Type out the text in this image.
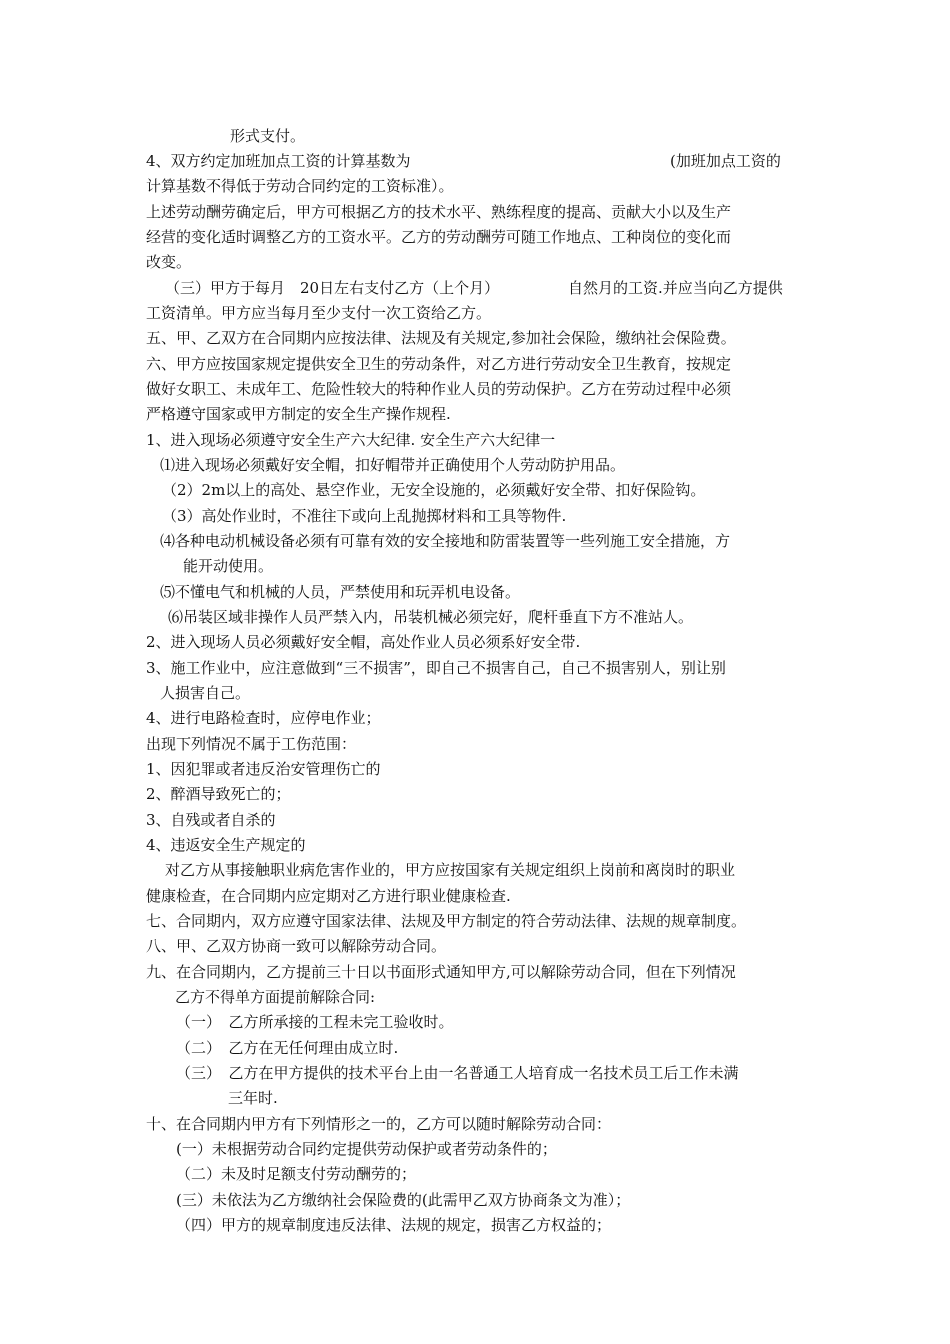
形式支付。
4、双方约定加班加点工资的计算基数为	(加班加点工资的
计算基数不得低于劳动合同约定的工资标准）。
上述劳动酬劳确定后，甲方可根据乙方的技术水平、熟练程度的提高、贡献大小以及生产
经营的变化适时调整乙方的工资水平。乙方的劳动酬劳可随工作地点、工种岗位的变化而
改变。
（三）甲方于每月　20日左右支付乙方（上个月）	自然月的工资.并应当向乙方提供
工资清单。甲方应当每月至少支付一次工资给乙方。
五、甲、乙双方在合同期内应按法律、法规及有关规定,参加社会保险，缴纳社会保险费。
六、甲方应按国家规定提供安全卫生的劳动条件，对乙方进行劳动安全卫生教育，按规定
做好女职工、未成年工、危险性较大的特种作业人员的劳动保护。乙方在劳动过程中必须
严格遵守国家或甲方制定的安全生产操作规程.
1、进入现场必须遵守安全生产六大纪律. 安全生产六大纪律一
⑴进入现场必须戴好安全帽，扣好帽带并正确使用个人劳动防护用品。
（2）2m以上的高处、悬空作业，无安全设施的，必须戴好安全带、扣好保险钩。
（3）高处作业时，不准往下或向上乱抛掷材料和工具等物件.
⑷各种电动机械设备必须有可靠有效的安全接地和防雷装置等一些列施工安全措施，方
能开动使用。
⑸不懂电气和机械的人员，严禁使用和玩弄机电设备。
⑹吊装区域非操作人员严禁入内，吊装机械必须完好，爬杆垂直下方不准站人。
2、进入现场人员必须戴好安全帽，高处作业人员必须系好安全带.
3、施工作业中，应注意做到“三不损害”，即自己不损害自己，自己不损害别人，别让别
人损害自己。
4、进行电路检查时，应停电作业；
出现下列情况不属于工伤范围：
1、因犯罪或者违反治安管理伤亡的
2、醉酒导致死亡的；
3、自残或者自杀的
4、违返安全生产规定的
对乙方从事接触职业病危害作业的，甲方应按国家有关规定组织上岗前和离岗时的职业
健康检查，在合同期内应定期对乙方进行职业健康检查.
七、合同期内，双方应遵守国家法律、法规及甲方制定的符合劳动法律、法规的规章制度。
八、甲、乙双方协商一致可以解除劳动合同。
九、在合同期内，乙方提前三十日以书面形式通知甲方,可以解除劳动合同，但在下列情况
乙方不得单方面提前解除合同:
（一）　乙方所承接的工程未完工验收时。
（二）　乙方在无任何理由成立时.
（三）　乙方在甲方提供的技术平台上由一名普通工人培育成一名技术员工后工作未满
三年时.
十、在合同期内甲方有下列情形之一的，乙方可以随时解除劳动合同：
(一）未根据劳动合同约定提供劳动保护或者劳动条件的；
（二）未及时足额支付劳动酬劳的；
(三）未依法为乙方缴纳社会保险费的(此需甲乙双方协商条文为准）；
（四）甲方的规章制度违反法律、法规的规定，损害乙方权益的；
